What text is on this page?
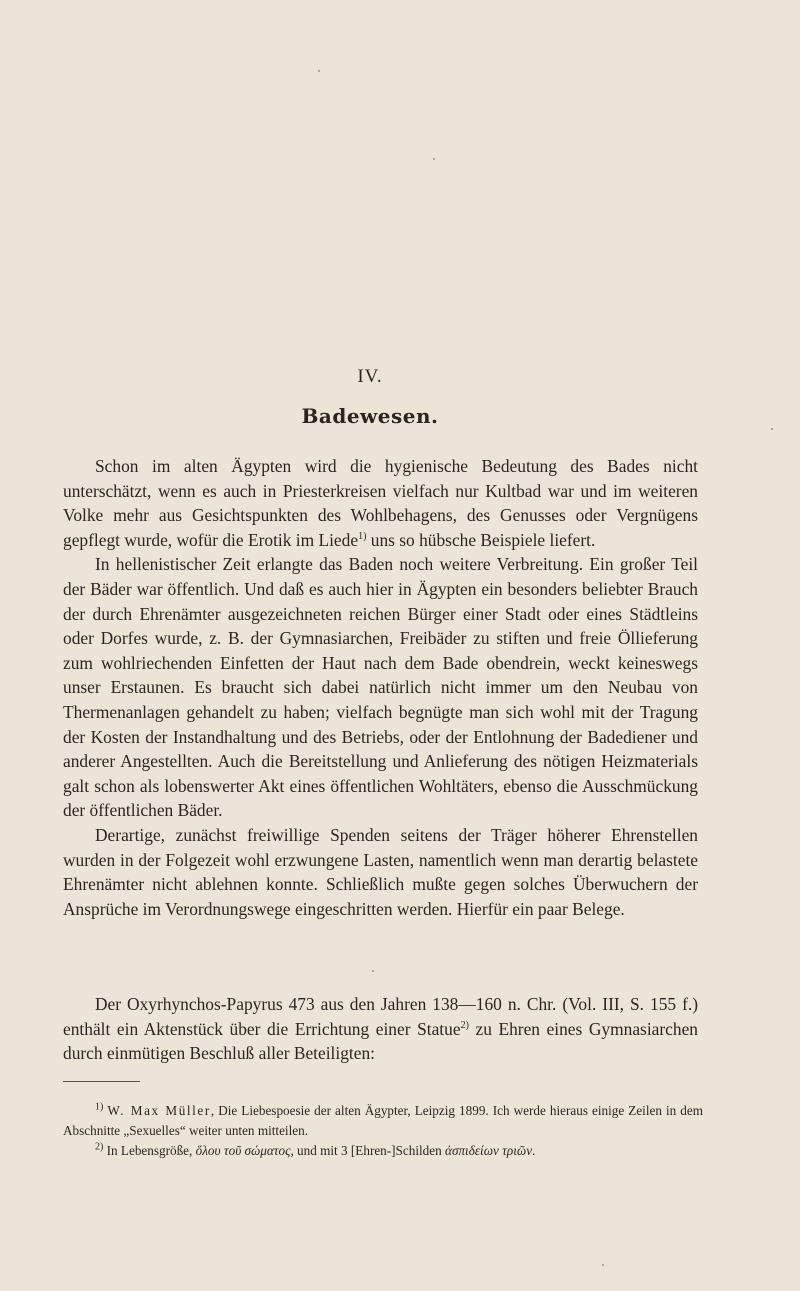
IV.
Badewesen.

Schon im alten Ägypten wird die hygienische Bedeutung des Bades nicht unterschätzt, wenn es auch in Priesterkreisen vielfach nur Kultbad war und im weiteren Volke mehr aus Gesichtspunkten des Wohlbehagens, des Genusses oder Vergnügens gepflegt wurde, wofür die Erotik im Liede$^{1)}$ uns so hübsche Beispiele liefert.

In hellenistischer Zeit erlangte das Baden noch weitere Verbreitung. Ein großer Teil der Bäder war öffentlich. Und daß es auch hier in Ägypten ein besonders beliebter Brauch der durch Ehrenämter ausgezeichneten reichen Bürger einer Stadt oder eines Städtleins oder Dorfes wurde, z. B. der Gymnasiarchen, Freibäder zu stiften und freie Öllieferung zum wohlriechenden Einfetten der Haut nach dem Bade obendrein, weckt keineswegs unser Erstaunen. Es braucht sich dabei natürlich nicht immer um den Neubau von Thermenanlagen gehandelt zu haben; vielfach begnügte man sich wohl mit der Tragung der Kosten der Instandhaltung und des Betriebs, oder der Entlohnung der Badediener und anderer Angestellten. Auch die Bereitstellung und Anlieferung des nötigen Heizmaterials galt schon als lobenswerter Akt eines öffentlichen Wohltäters, ebenso die Ausschmückung der öffentlichen Bäder.

Derartige, zunächst freiwillige Spenden seitens der Träger höherer Ehrenstellen wurden in der Folgezeit wohl erzwungene Lasten, namentlich wenn man derartig belastete Ehrenämter nicht ablehnen konnte. Schließlich mußte gegen solches Überwuchern der Ansprüche im Verordnungswege eingeschritten werden. Hierfür ein paar Belege.

Der Oxyrhynchos-Papyrus 473 aus den Jahren 138—160 n. Chr. (Vol. III, S. 155 f.) enthält ein Aktenstück über die Errichtung einer Statue$^{2)}$ zu Ehren eines Gymnasiarchen durch einmütigen Beschluß aller Beteiligten:

$^{1)}$ W. Max Müller, Die Liebespoesie der alten Ägypter, Leipzig 1899. Ich werde hieraus einige Zeilen in dem Abschnitte „Sexuelles“ weiter unten mitteilen.

$^{2)}$ In Lebensgröße, ὅλου τοῦ σώματος, und mit 3 [Ehren-]Schilden ἀσπιδείων τριῶν.
